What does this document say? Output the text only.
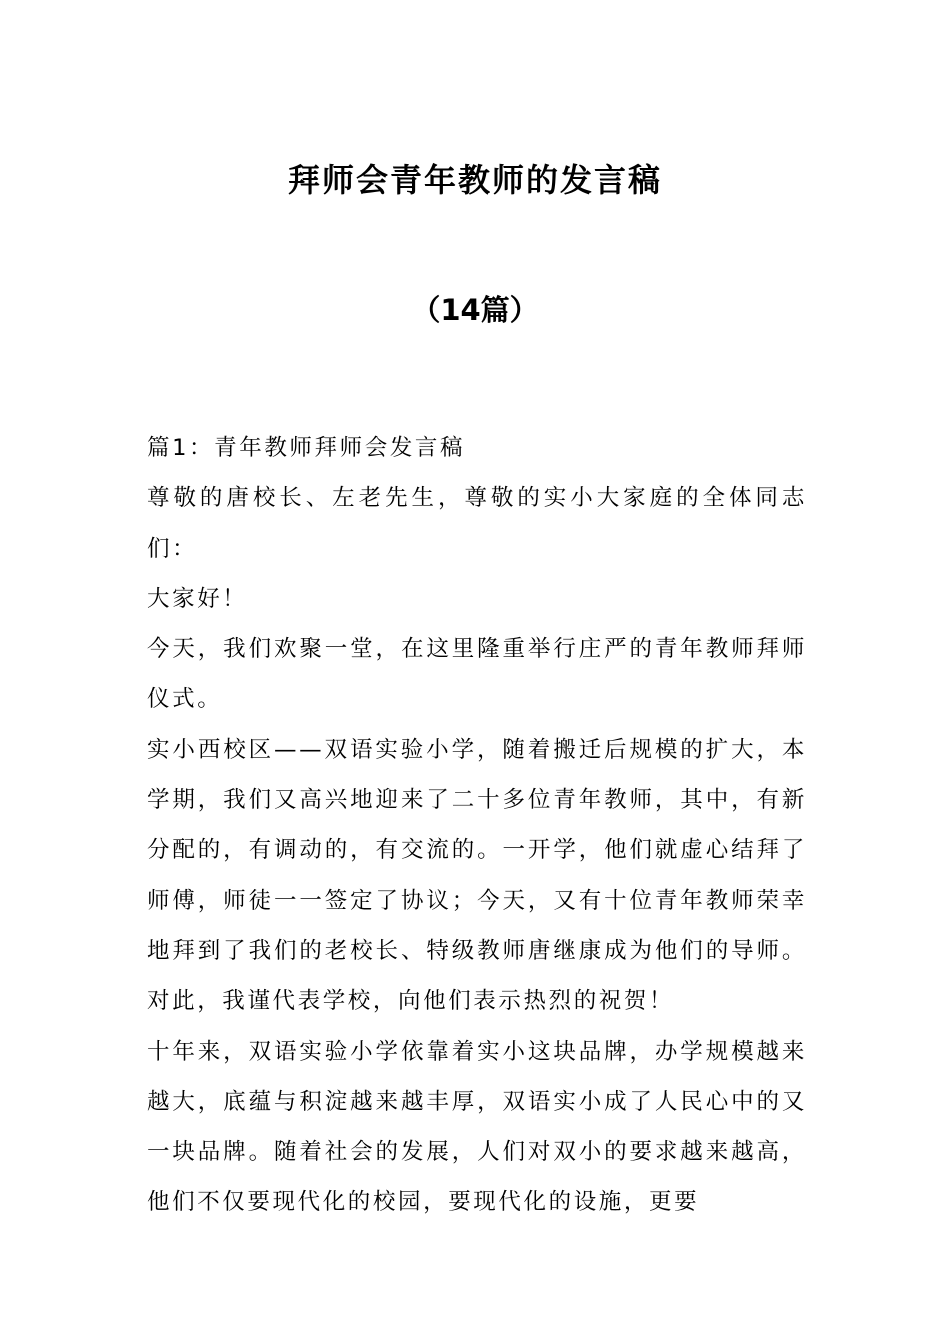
拜师会青年教师的发言稿
（14篇）

篇1：青年教师拜师会发言稿

尊敬的唐校长、左老先生，尊敬的实小大家庭的全体同志们：

大家好！

今天，我们欢聚一堂，在这里隆重举行庄严的青年教师拜师仪式。

实小西校区——双语实验小学，随着搬迁后规模的扩大，本学期，我们又高兴地迎来了二十多位青年教师，其中，有新分配的，有调动的，有交流的。一开学，他们就虚心结拜了师傅，师徒一一签定了协议；今天，又有十位青年教师荣幸地拜到了我们的老校长、特级教师唐继康成为他们的导师。对此，我谨代表学校，向他们表示热烈的祝贺！

十年来，双语实验小学依靠着实小这块品牌，办学规模越来越大，底蕴与积淀越来越丰厚，双语实小成了人民心中的又一块品牌。随着社会的发展，人们对双小的要求越来越高，他们不仅要现代化的校园，要现代化的设施，更要
